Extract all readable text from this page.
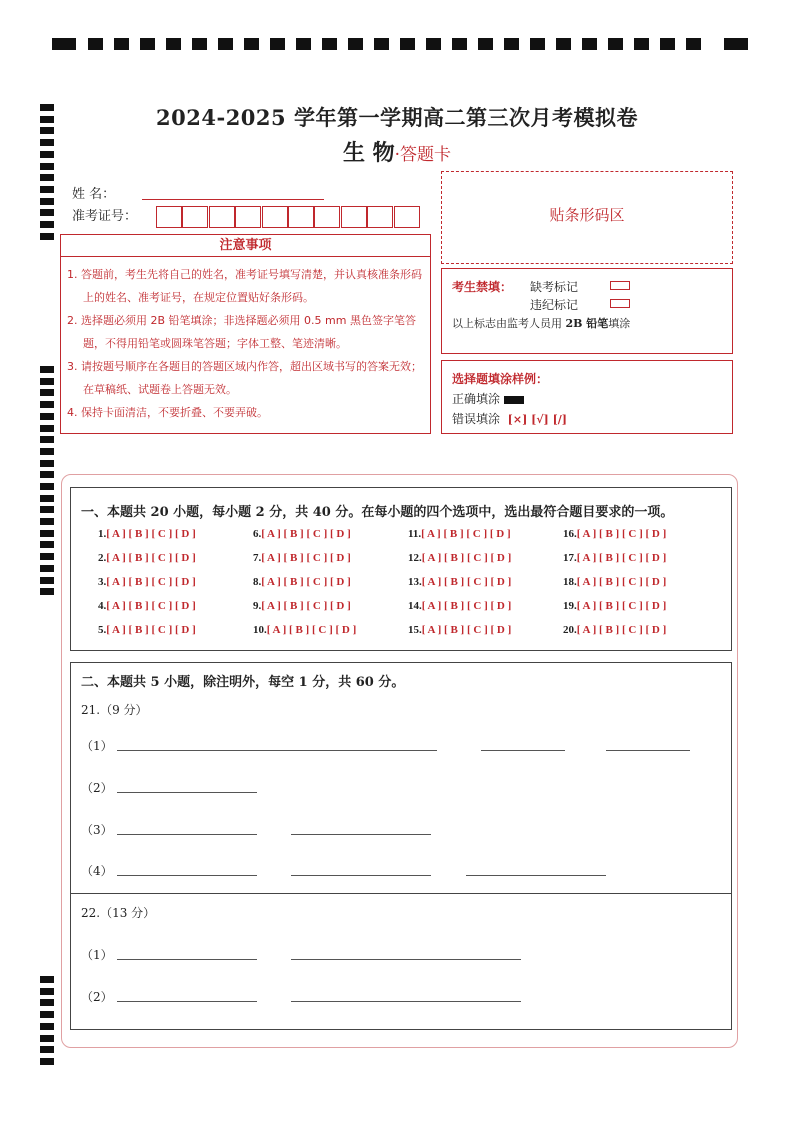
2024-2025 学年第一学期高二第三次月考模拟卷
生 物·答题卡
姓 名：
准考证号：	贴条形码区
注意事项

1. 答题前，考生先将自己的姓名，准考证号填写清楚，并认真核准条形码上的姓名、准考证号，在规定位置贴好条形码。

2. 选择题必须用 2B 铅笔填涂；非选择题必须用 0.5 mm 黑色签字笔答题，不得用铅笔或圆珠笔答题；字体工整、笔迹清晰。

3. 请按题号顺序在各题目的答题区域内作答，超出区域书写的答案无效；在草稿纸、试题卷上答题无效。

4. 保持卡面清洁，不要折叠、不要弄破。

考生禁填： 缺考标记
违纪标记
以上标志由监考人员用 2B 铅笔填涂
选择题填涂样例：
正确填涂
错误填涂 [×] [√] [/]
一、本题共 20 小题，每小题 2 分，共 40 分。在每小题的四个选项中，选出最符合题目要求的一项。
1.[ A ] [ B ] [ C ] [ D ]
2.[ A ] [ B ] [ C ] [ D ]
3.[ A ] [ B ] [ C ] [ D ]
4.[ A ] [ B ] [ C ] [ D ]
5.[ A ] [ B ] [ C ] [ D ]
6.[ A ] [ B ] [ C ] [ D ]
7.[ A ] [ B ] [ C ] [ D ]
8.[ A ] [ B ] [ C ] [ D ]
9.[ A ] [ B ] [ C ] [ D ]
10.[ A ] [ B ] [ C ] [ D ]
11.[ A ] [ B ] [ C ] [ D ]
12.[ A ] [ B ] [ C ] [ D ]
13.[ A ] [ B ] [ C ] [ D ]
14.[ A ] [ B ] [ C ] [ D ]
15.[ A ] [ B ] [ C ] [ D ]
16.[ A ] [ B ] [ C ] [ D ]
17.[ A ] [ B ] [ C ] [ D ]
18.[ A ] [ B ] [ C ] [ D ]
19.[ A ] [ B ] [ C ] [ D ]
20.[ A ] [ B ] [ C ] [ D ]
二、本题共 5 小题，除注明外，每空 1 分，共 60 分。
21.（9 分）
（1）
（2）
（3）
（4）
22.（13 分）
（1）
（2）
